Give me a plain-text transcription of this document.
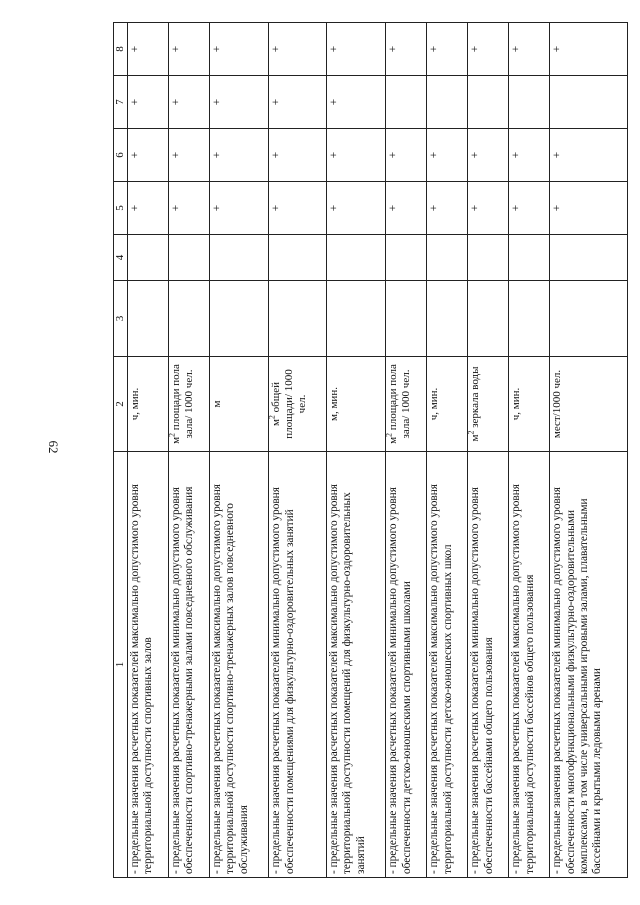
62
1	2	3	4	5	6	7	8
- предельные значения расчетных показателей максимально допустимого уровня территориальной доступности спортивных залов	ч, мин.			+	+	+	+
- предельные значения расчетных показателей минимально допустимого уровня обеспеченности спортивно-тренажерными залами повседневного обслуживания	$м^2$ площади пола зала/ 1000 чел.			+	+	+	+
- предельные значения расчетных показателей максимально допустимого уровня территориальной доступности спортивно-тренажерных залов повседневного обслуживания	м			+	+	+	+
- предельные значения расчетных показателей минимально допустимого уровня обеспеченности помещениями для физкультурно-оздоровительных занятий	$м^2$ общей площади/ 1000 чел.			+	+	+	+
- предельные значения расчетных показателей максимально допустимого уровня территориальной доступности помещений для физкультурно-оздоровительных занятий	м, мин.			+	+	+	+
- предельные значения расчетных показателей минимально допустимого уровня обеспеченности детско-юношескими спортивными школами	$м^2$ площади пола зала/ 1000 чел.			+	+		+
- предельные значения расчетных показателей максимально допустимого уровня территориальной доступности детско-юношеских спортивных школ	ч, мин.			+	+		+
- предельные значения расчетных показателей минимально допустимого уровня обеспеченности бассейнами общего пользования	$м^2$ зеркала воды			+	+		+
- предельные значения расчетных показателей максимально допустимого уровня территориальной доступности бассейнов общего пользования	ч, мин.			+	+		+
- предельные значения расчетных показателей минимально допустимого уровня обеспеченности многофункциональными физкультурно-оздоровительными комплексами, в том числе универсальными игровыми залами, плавательными бассейнами и крытыми ледовыми аренами	мест/1000 чел.			+	+		+
